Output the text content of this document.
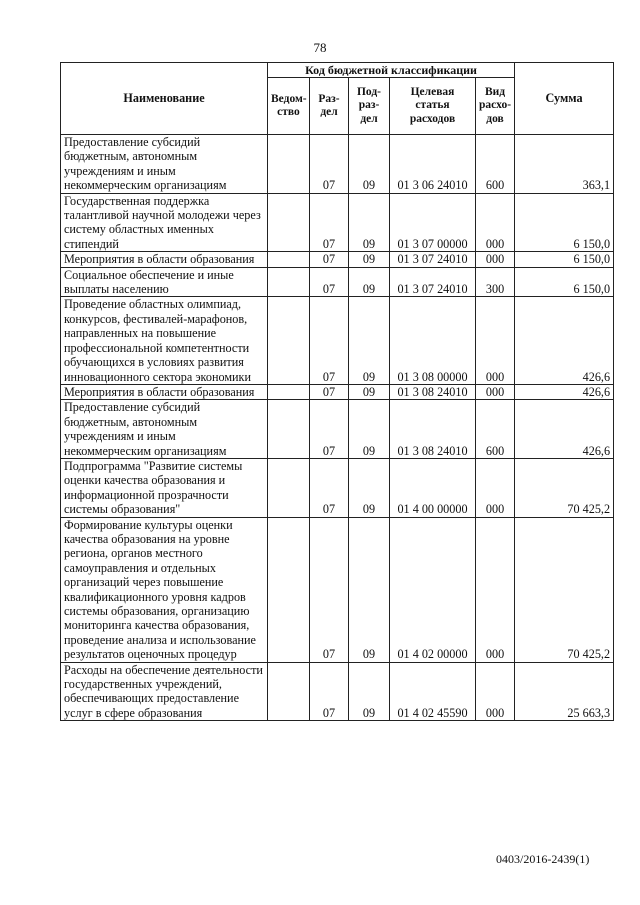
78
Наименование	Код бюджетной классификации					Сумма
	Ведом-ство	Раз-дел	Под-раз-дел	Целевая статья расходов	Вид расхо-дов	
Предоставление субсидий бюджетным, автономным учреждениям и иным некоммерческим организациям		07	09	01 3 06 24010	600	363,1
Государственная поддержка талантливой научной молодежи через систему областных именных стипендий		07	09	01 3 07 00000	000	6 150,0
Мероприятия в области образования		07	09	01 3 07 24010	000	6 150,0
Социальное обеспечение и иные выплаты населению		07	09	01 3 07 24010	300	6 150,0
Проведение областных олимпиад, конкурсов, фестивалей-марафонов, направленных на повышение профессиональной компетентности обучающихся в условиях развития инновационного сектора экономики		07	09	01 3 08 00000	000	426,6
Мероприятия в области образования		07	09	01 3 08 24010	000	426,6
Предоставление субсидий бюджетным, автономным учреждениям и иным некоммерческим организациям		07	09	01 3 08 24010	600	426,6
Подпрограмма "Развитие системы оценки качества образования и информационной прозрачности системы образования"		07	09	01 4 00 00000	000	70 425,2
Формирование культуры оценки качества образования на уровне региона, органов местного самоуправления и отдельных организаций через повышение квалификационного уровня кадров системы образования, организацию мониторинга качества образования, проведение анализа и использование результатов оценочных процедур		07	09	01 4 02 00000	000	70 425,2
Расходы на обеспечение деятельности государственных учреждений, обеспечивающих предоставление услуг в сфере образования		07	09	01 4 02 45590	000	25 663,3
0403/2016-2439(1)
